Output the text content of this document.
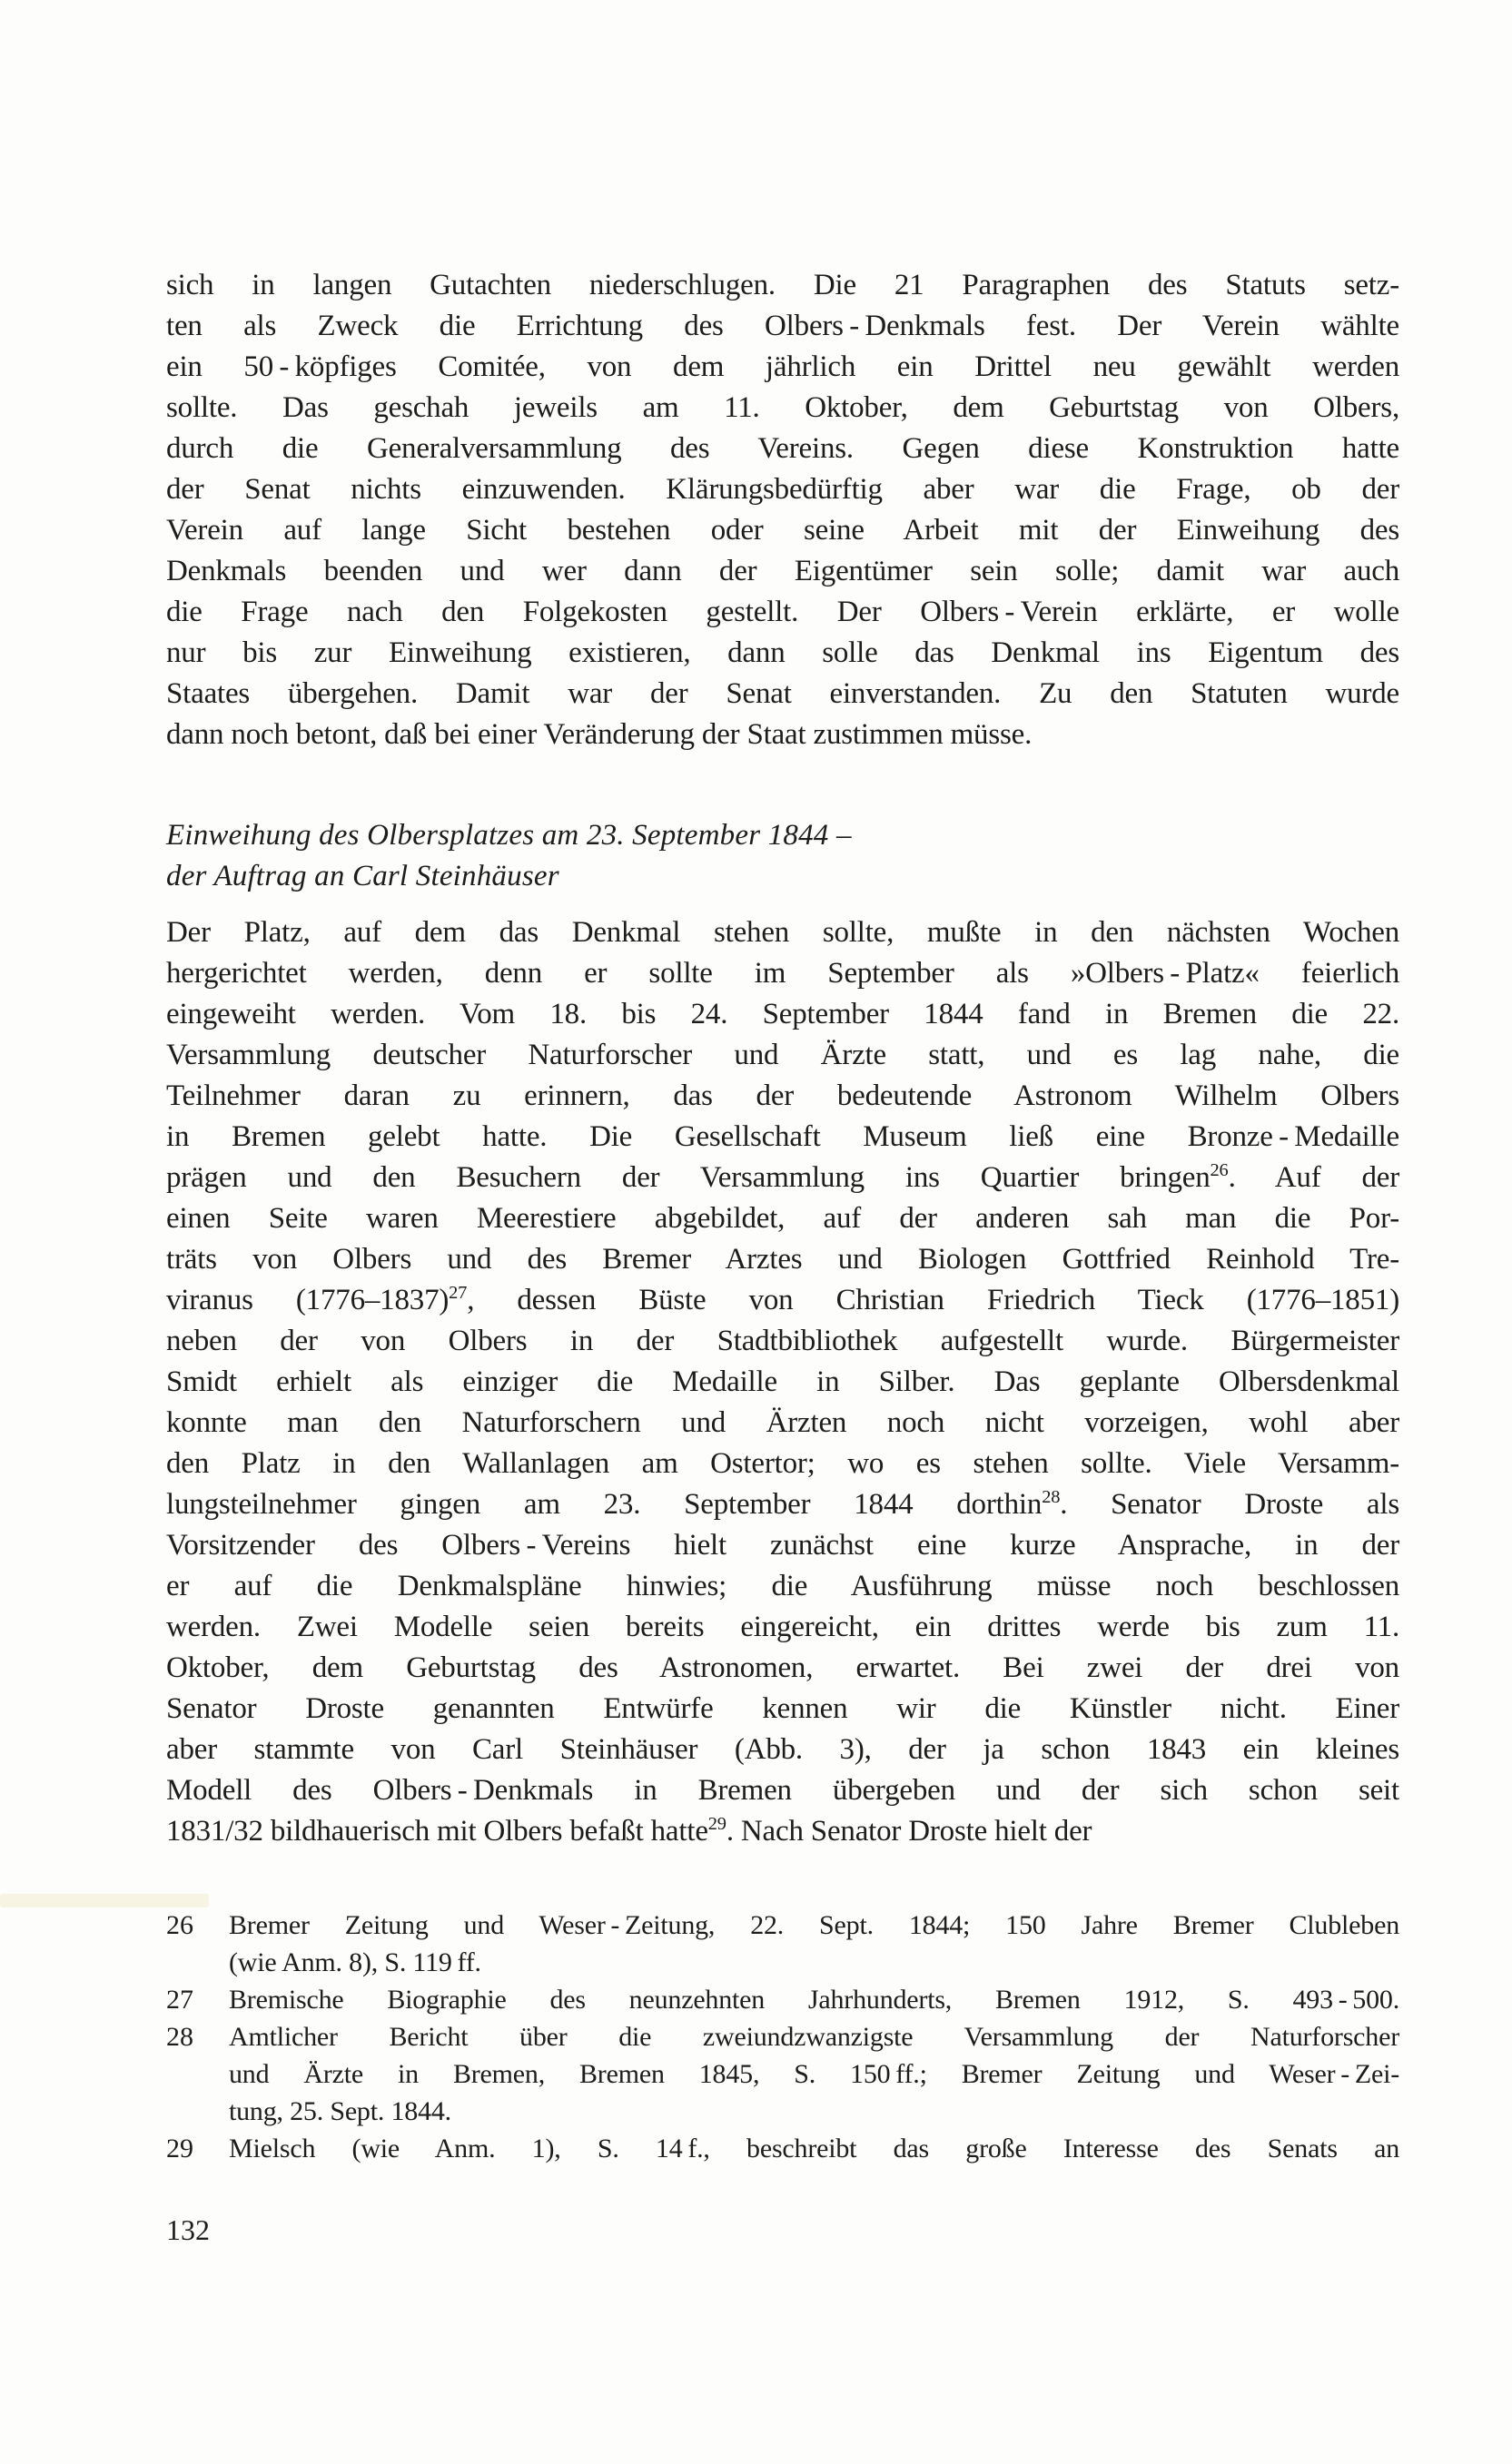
sich in langen Gutachten niederschlugen. Die 21 Paragraphen des Statuts setz-
ten als Zweck die Errichtung des Olbers - Denkmals fest. Der Verein wählte
ein 50 - köpfiges Comitée, von dem jährlich ein Drittel neu gewählt werden
sollte. Das geschah jeweils am 11. Oktober, dem Geburtstag von Olbers,
durch die Generalversammlung des Vereins. Gegen diese Konstruktion hatte
der Senat nichts einzuwenden. Klärungsbedürftig aber war die Frage, ob der
Verein auf lange Sicht bestehen oder seine Arbeit mit der Einweihung des
Denkmals beenden und wer dann der Eigentümer sein solle; damit war auch
die Frage nach den Folgekosten gestellt. Der Olbers - Verein erklärte, er wolle
nur bis zur Einweihung existieren, dann solle das Denkmal ins Eigentum des
Staates übergehen. Damit war der Senat einverstanden. Zu den Statuten wurde
dann noch betont, daß bei einer Veränderung der Staat zustimmen müsse.
Einweihung des Olbersplatzes am 23. September 1844 –
der Auftrag an Carl Steinhäuser
Der Platz, auf dem das Denkmal stehen sollte, mußte in den nächsten Wochen
hergerichtet werden, denn er sollte im September als »Olbers - Platz« feierlich
eingeweiht werden. Vom 18. bis 24. September 1844 fand in Bremen die 22.
Versammlung deutscher Naturforscher und Ärzte statt, und es lag nahe, die
Teilnehmer daran zu erinnern, das der bedeutende Astronom Wilhelm Olbers
in Bremen gelebt hatte. Die Gesellschaft Museum ließ eine Bronze - Medaille
prägen und den Besuchern der Versammlung ins Quartier bringen$^{26}$. Auf der
einen Seite waren Meerestiere abgebildet, auf der anderen sah man die Por-
träts von Olbers und des Bremer Arztes und Biologen Gottfried Reinhold Tre-
viranus (1776–1837)$^{27}$, dessen Büste von Christian Friedrich Tieck (1776–1851)
neben der von Olbers in der Stadtbibliothek aufgestellt wurde. Bürgermeister
Smidt erhielt als einziger die Medaille in Silber. Das geplante Olbersdenkmal
konnte man den Naturforschern und Ärzten noch nicht vorzeigen, wohl aber
den Platz in den Wallanlagen am Ostertor; wo es stehen sollte. Viele Versamm-
lungsteilnehmer gingen am 23. September 1844 dorthin$^{28}$. Senator Droste als
Vorsitzender des Olbers - Vereins hielt zunächst eine kurze Ansprache, in der
er auf die Denkmalspläne hinwies; die Ausführung müsse noch beschlossen
werden. Zwei Modelle seien bereits eingereicht, ein drittes werde bis zum 11.
Oktober, dem Geburtstag des Astronomen, erwartet. Bei zwei der drei von
Senator Droste genannten Entwürfe kennen wir die Künstler nicht. Einer
aber stammte von Carl Steinhäuser (Abb. 3), der ja schon 1843 ein kleines
Modell des Olbers - Denkmals in Bremen übergeben und der sich schon seit
1831/32 bildhauerisch mit Olbers befaßt hatte$^{29}$. Nach Senator Droste hielt der
26	Bremer Zeitung und Weser - Zeitung, 22. Sept. 1844; 150 Jahre Bremer Clubleben
(wie Anm. 8), S. 119 ff.
27	Bremische Biographie des neunzehnten Jahrhunderts, Bremen 1912, S. 493 - 500.
28	Amtlicher Bericht über die zweiundzwanzigste Versammlung der Naturforscher
und Ärzte in Bremen, Bremen 1845, S. 150 ff.; Bremer Zeitung und Weser - Zei-
tung, 25. Sept. 1844.
29	Mielsch (wie Anm. 1), S. 14 f., beschreibt das große Interesse des Senats an
132
